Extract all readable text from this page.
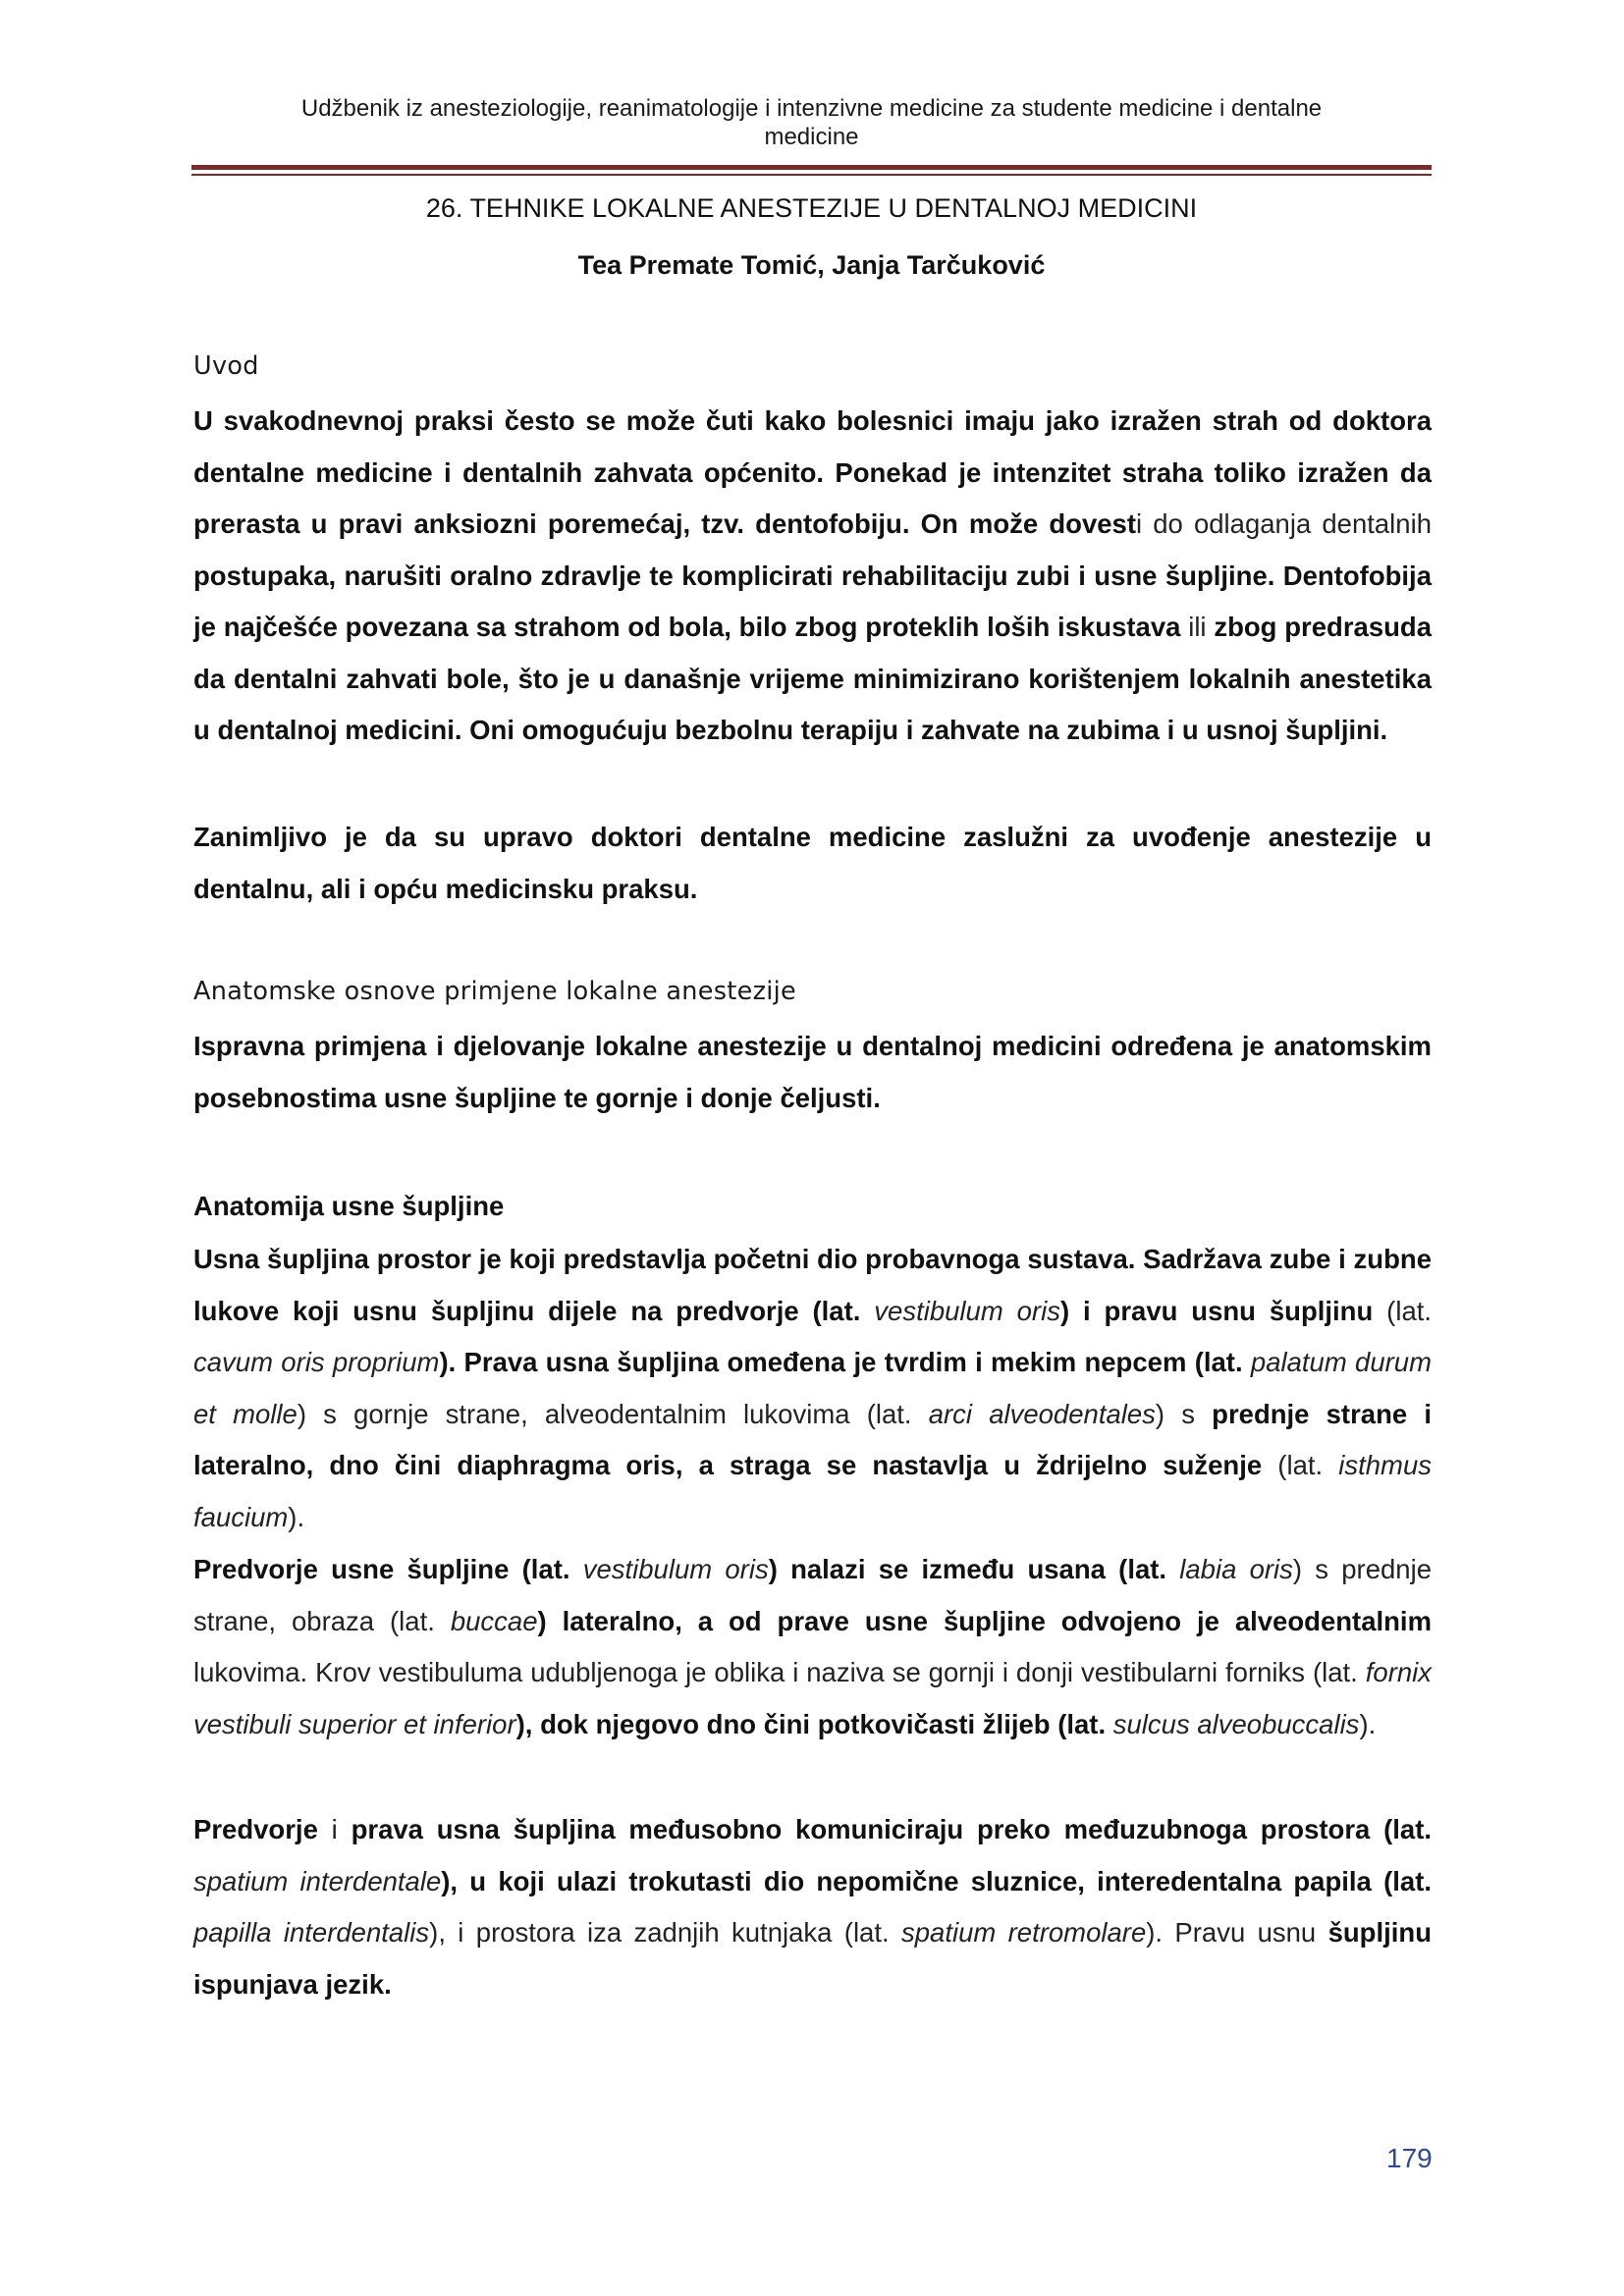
Udžbenik iz anesteziologije, reanimatologije i intenzivne medicine za studente medicine i dentalne
medicine
26. TEHNIKE LOKALNE ANESTEZIJE U DENTALNOJ MEDICINI
Tea Premate Tomić, Janja Tarčuković
Uvod

U svakodnevnoj praksi često se može čuti kako bolesnici imaju jako izražen strah od doktora dentalne medicine i dentalnih zahvata općenito. Ponekad je intenzitet straha toliko izražen da prerasta u pravi anksiozni poremećaj, tzv. dentofobiju. On može dovesti do odlaganja dentalnih postupaka, narušiti oralno zdravlje te komplicirati rehabilitaciju zubi i usne šupljine. Dentofobija je najčešće povezana sa strahom od bola, bilo zbog proteklih loših iskustava ili zbog predrasuda da dentalni zahvati bole, što je u današnje vrijeme minimizirano korištenjem lokalnih anestetika u dentalnoj medicini. Oni omogućuju bezbolnu terapiju i zahvate na zubima i u usnoj šupljini.

Zanimljivo je da su upravo doktori dentalne medicine zaslužni za uvođenje anestezije u dentalnu, ali i opću medicinsku praksu.

Anatomske osnove primjene lokalne anestezije

Ispravna primjena i djelovanje lokalne anestezije u dentalnoj medicini određena je anatomskim posebnostima usne šupljine te gornje i donje čeljusti.

Anatomija usne šupljine

Usna šupljina prostor je koji predstavlja početni dio probavnoga sustava. Sadržava zube i zubne lukove koji usnu šupljinu dijele na predvorje (lat. vestibulum oris) i pravu usnu šupljinu (lat. cavum oris proprium). Prava usna šupljina omeđena je tvrdim i mekim nepcem (lat. palatum durum et molle) s gornje strane, alveodentalnim lukovima (lat. arci alveodentales) s prednje strane i lateralno, dno čini diaphragma oris, a straga se nastavlja u ždrijelno suženje (lat. isthmus faucium).

Predvorje usne šupljine (lat. vestibulum oris) nalazi se između usana (lat. labia oris) s prednje strane, obraza (lat. buccae) lateralno, a od prave usne šupljine odvojeno je alveodentalnim lukovima. Krov vestibuluma udubljenoga je oblika i naziva se gornji i donji vestibularni forniks (lat. fornix vestibuli superior et inferior), dok njegovo dno čini potkovičasti žlijeb (lat. sulcus alveobuccalis).

Predvorje i prava usna šupljina međusobno komuniciraju preko međuzubnoga prostora (lat. spatium interdentale), u koji ulazi trokutasti dio nepomične sluznice, interedentalna papila (lat. papilla interdentalis), i prostora iza zadnjih kutnjaka (lat. spatium retromolare). Pravu usnu šupljinu ispunjava jezik.

179
